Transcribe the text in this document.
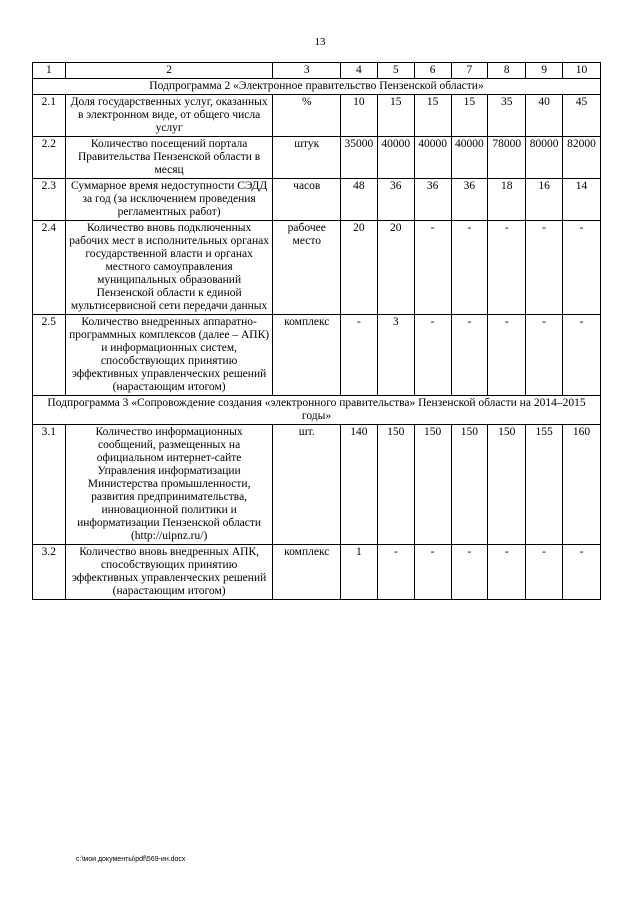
13
1	2	3	4	5	6	7	8	9	10
Подпрограмма 2 «Электронное правительство Пензенской области»									
2.1	Доля государственных услуг, оказанных в электронном виде, от общего числа услуг	%	10	15	15	15	35	40	45
2.2	Количество посещений портала Правительства Пензенской области в месяц	штук	35000	40000	40000	40000	78000	80000	82000
2.3	Суммарное время недоступности СЭДД за год (за исключением проведения регламентных работ)	часов	48	36	36	36	18	16	14
2.4	Количество вновь подключенных рабочих мест в исполнительных органах государственной власти и органах местного самоуправления муниципальных образований Пензенской области к единой мультисервисной сети передачи данных	рабочее место	20	20	-	-	-	-	-
2.5	Количество внедренных аппаратно-программных комплексов (далее – АПК) и информационных систем, способствующих принятию эффективных управленческих решений (нарастающим итогом)	комплекс	-	3	-	-	-	-	-
Подпрограмма 3 «Сопровождение создания «электронного правительства» Пензенской области на 2014–2015 годы»									
3.1	Количество информационных сообщений, размещенных на официальном интернет-сайте Управления информатизации Министерства промышленности, развития предпринимательства, инновационной политики и информатизации Пензенской области (http://uipnz.ru/)	шт.	140	150	150	150	150	155	160
3.2	Количество вновь внедренных АПК, способствующих принятию эффективных управленческих решений (нарастающим итогом)	комплекс	1	-	-	-	-	-	-
c:\мои документы\pdf\569-ин.docx
